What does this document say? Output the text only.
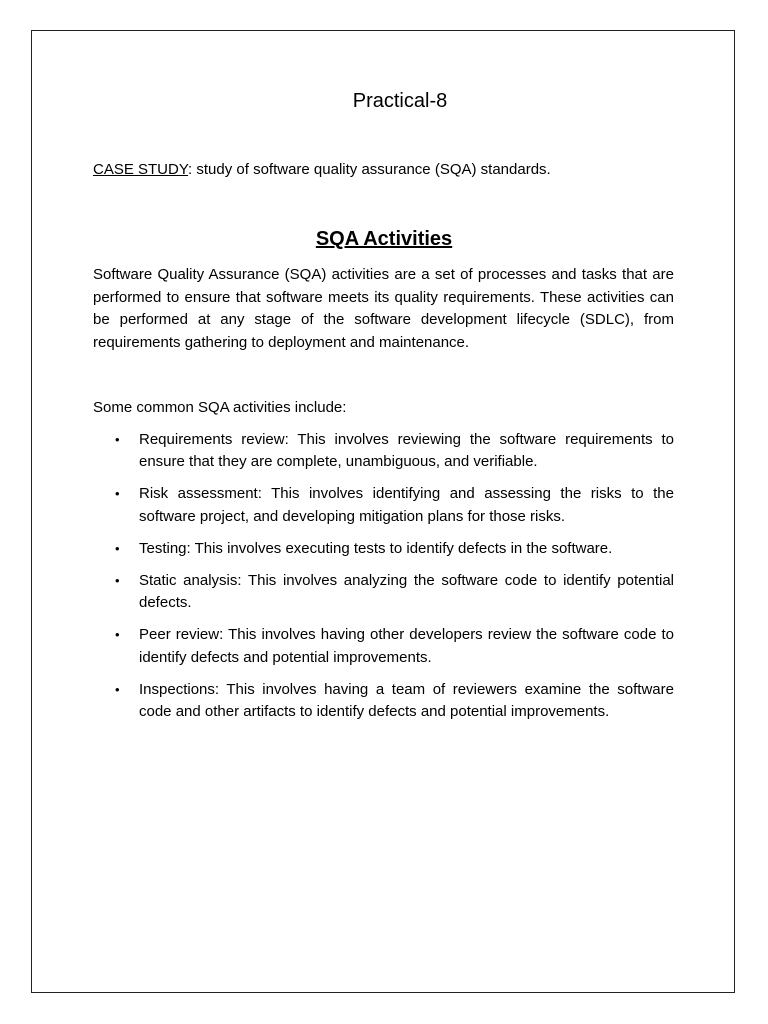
Practical-8
CASE STUDY: study of software quality assurance (SQA) standards.
SQA Activities

Software Quality Assurance (SQA) activities are a set of processes and tasks that are performed to ensure that software meets its quality requirements. These activities can be performed at any stage of the software development lifecycle (SDLC), from requirements gathering to deployment and maintenance.

Some common SQA activities include:

• Requirements review: This involves reviewing the software requirements to ensure that they are complete, unambiguous, and verifiable.
• Risk assessment: This involves identifying and assessing the risks to the software project, and developing mitigation plans for those risks.
• Testing: This involves executing tests to identify defects in the software.
• Static analysis: This involves analyzing the software code to identify potential defects.
• Peer review: This involves having other developers review the software code to identify defects and potential improvements.
• Inspections: This involves having a team of reviewers examine the software code and other artifacts to identify defects and potential improvements.
